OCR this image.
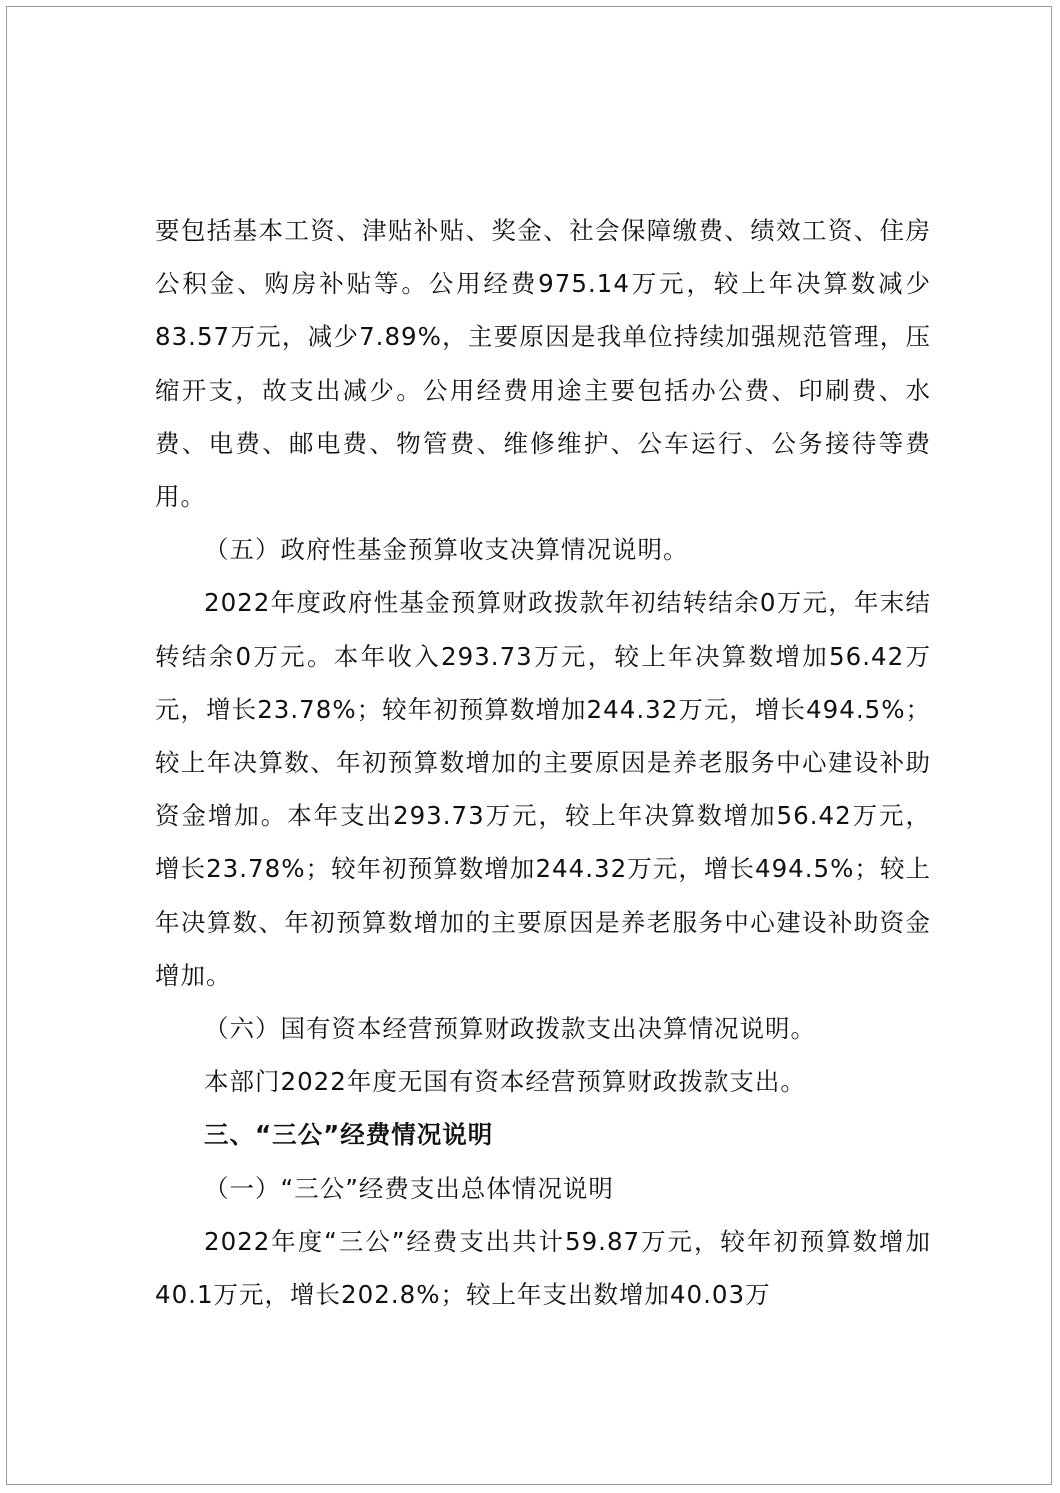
要包括基本工资、津贴补贴、奖金、社会保障缴费、绩效工资、住房公积金、购房补贴等。公用经费975.14万元，较上年决算数减少83.57万元，减少7.89%，主要原因是我单位持续加强规范管理，压缩开支，故支出减少。公用经费用途主要包括办公费、印刷费、水费、电费、邮电费、物管费、维修维护、公车运行、公务接待等费用。

（五）政府性基金预算收支决算情况说明。

2022年度政府性基金预算财政拨款年初结转结余0万元，年末结转结余0万元。本年收入293.73万元，较上年决算数增加56.42万元，增长23.78%；较年初预算数增加244.32万元，增长494.5%；较上年决算数、年初预算数增加的主要原因是养老服务中心建设补助资金增加。本年支出293.73万元，较上年决算数增加56.42万元，增长23.78%；较年初预算数增加244.32万元，增长494.5%；较上年决算数、年初预算数增加的主要原因是养老服务中心建设补助资金增加。

（六）国有资本经营预算财政拨款支出决算情况说明。

本部门2022年度无国有资本经营预算财政拨款支出。

三、“三公”经费情况说明

（一）“三公”经费支出总体情况说明

2022年度“三公”经费支出共计59.87万元，较年初预算数增加40.1万元，增长202.8%；较上年支出数增加40.03万
